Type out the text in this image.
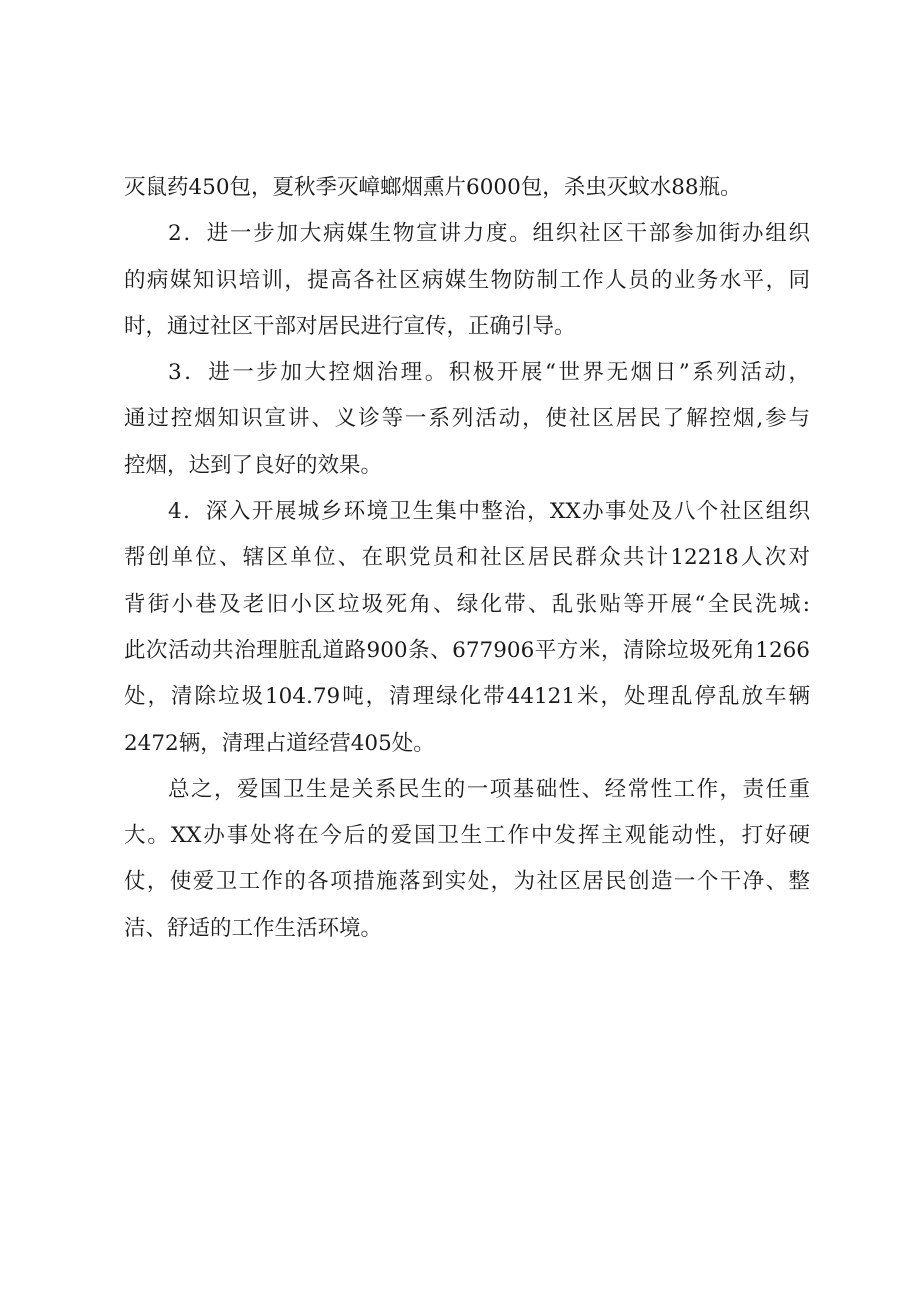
灭鼠药450包，夏秋季灭嶂螂烟熏片6000包，杀虫灭蚊水88瓶。
2．进一步加大病媒生物宣讲力度。组织社区干部参加街办组织
的病媒知识培训，提高各社区病媒生物防制工作人员的业务水平，同
时，通过社区干部对居民进行宣传，正确引导。
3．进一步加大控烟治理。积极开展“世界无烟日”系列活动，
通过控烟知识宣讲、义诊等一系列活动，使社区居民了解控烟,参与
控烟，达到了良好的效果。
4．深入开展城乡环境卫生集中整治，XX办事处及八个社区组织
帮创单位、辖区单位、在职党员和社区居民群众共计12218人次对
背街小巷及老旧小区垃圾死角、绿化带、乱张贴等开展“全民洗城:
此次活动共治理脏乱道路900条、677906平方米，清除垃圾死角1266
处，清除垃圾104.79吨，清理绿化带44121米，处理乱停乱放车辆
2472辆，清理占道经营405处。
总之，爱国卫生是关系民生的一项基础性、经常性工作，责任重
大。XX办事处将在今后的爱国卫生工作中发挥主观能动性，打好硬
仗，使爱卫工作的各项措施落到实处，为社区居民创造一个干净、整
洁、舒适的工作生活环境。
